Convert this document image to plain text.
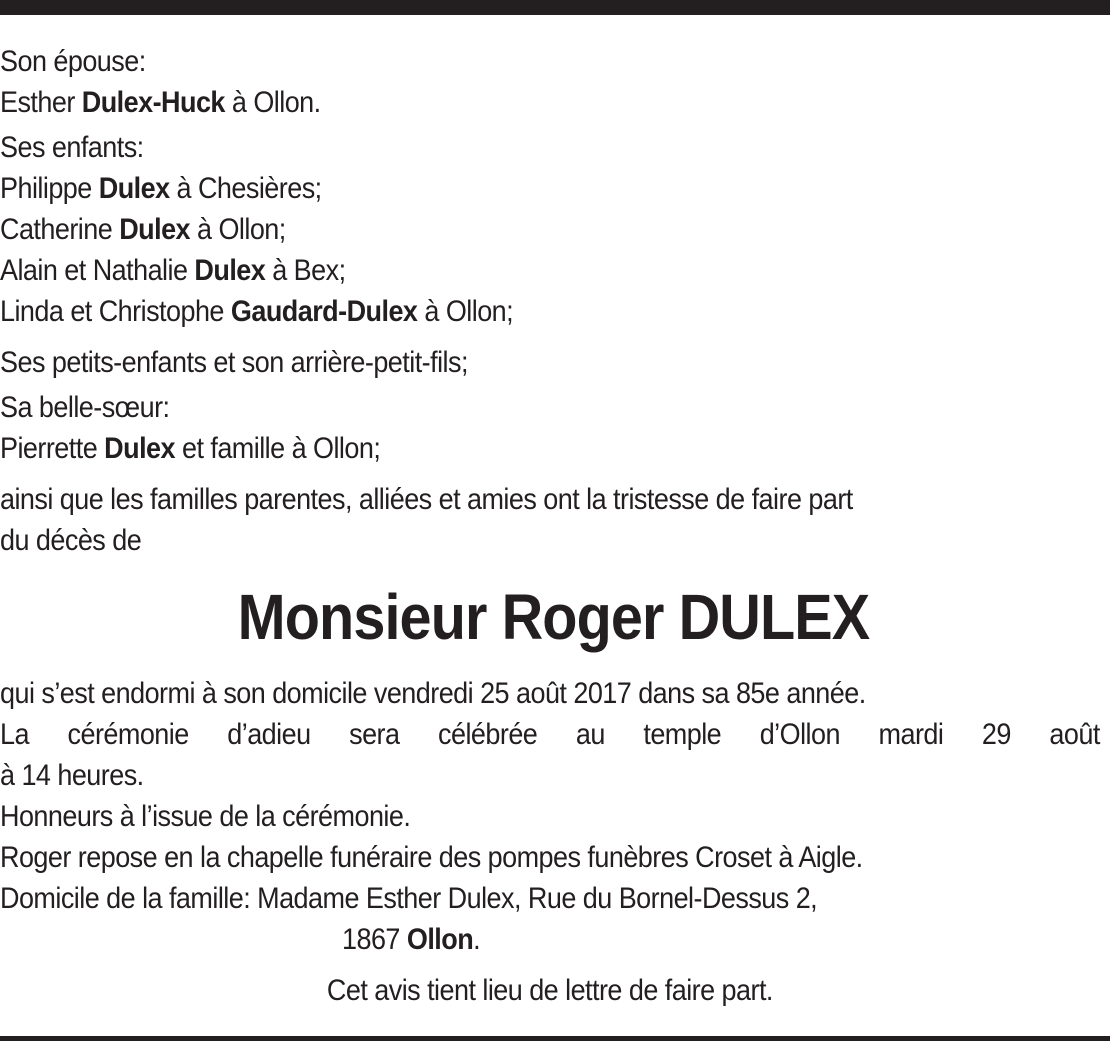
Son épouse:
Esther Dulex-Huck à Ollon.
Ses enfants:
Philippe Dulex à Chesières;
Catherine Dulex à Ollon;
Alain et Nathalie Dulex à Bex;
Linda et Christophe Gaudard-Dulex à Ollon;
Ses petits-enfants et son arrière-petit-fils;
Sa belle-sœur:
Pierrette Dulex et famille à Ollon;
ainsi que les familles parentes, alliées et amies ont la tristesse de faire part
du décès de
Monsieur Roger DULEX
qui s’est endormi à son domicile vendredi 25 août 2017 dans sa 85e année.
La cérémonie d’adieu sera célébrée au temple d’Ollon mardi 29 août
à 14 heures.
Honneurs à l’issue de la cérémonie.
Roger repose en la chapelle funéraire des pompes funèbres Croset à Aigle.
Domicile de la famille: Madame Esther Dulex, Rue du Bornel-Dessus 2,
1867 Ollon.
Cet avis tient lieu de lettre de faire part.
